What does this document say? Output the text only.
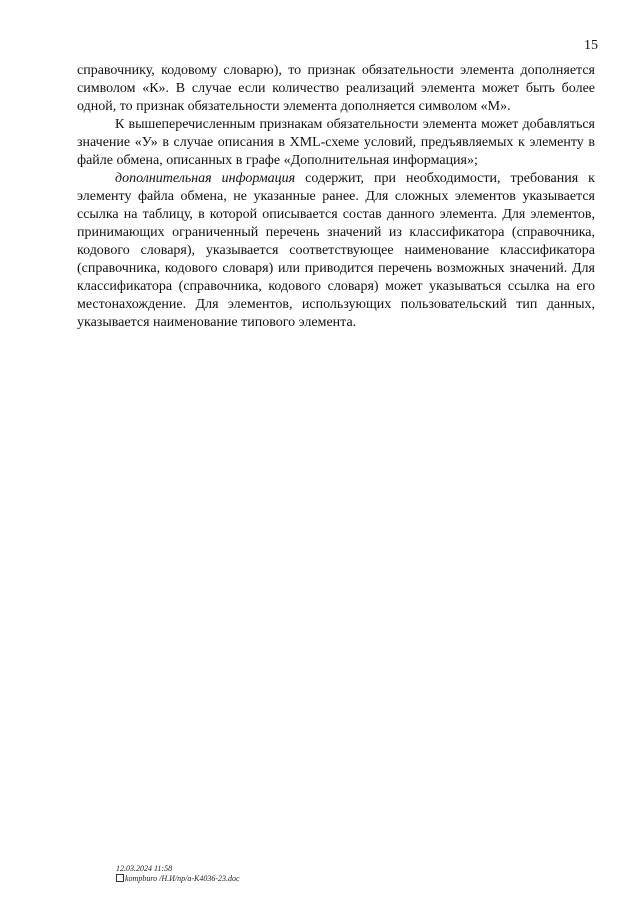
15

справочнику, кодовому словарю), то признак обязательности элемента дополняется символом «К». В случае если количество реализаций элемента может быть более одной, то признак обязательности элемента дополняется символом «М».

К вышеперечисленным признакам обязательности элемента может добавляться значение «У» в случае описания в XML-схеме условий, предъявляемых к элементу в файле обмена, описанных в графе «Дополнительная информация»;

дополнительная информация содержит, при необходимости, требования к элементу файла обмена, не указанные ранее. Для сложных элементов указывается ссылка на таблицу, в которой описывается состав данного элемента. Для элементов, принимающих ограниченный перечень значений из классификатора (справочника, кодового словаря), указывается соответствующее наименование классификатора (справочника, кодового словаря) или приводится перечень возможных значений. Для классификатора (справочника, кодового словаря) может указываться ссылка на его местонахождение. Для элементов, использующих пользовательский тип данных, указывается наименование типового элемента.

12.03.2024 11:58
kompburo /Н.И/пр/а-К4036-23.doc
